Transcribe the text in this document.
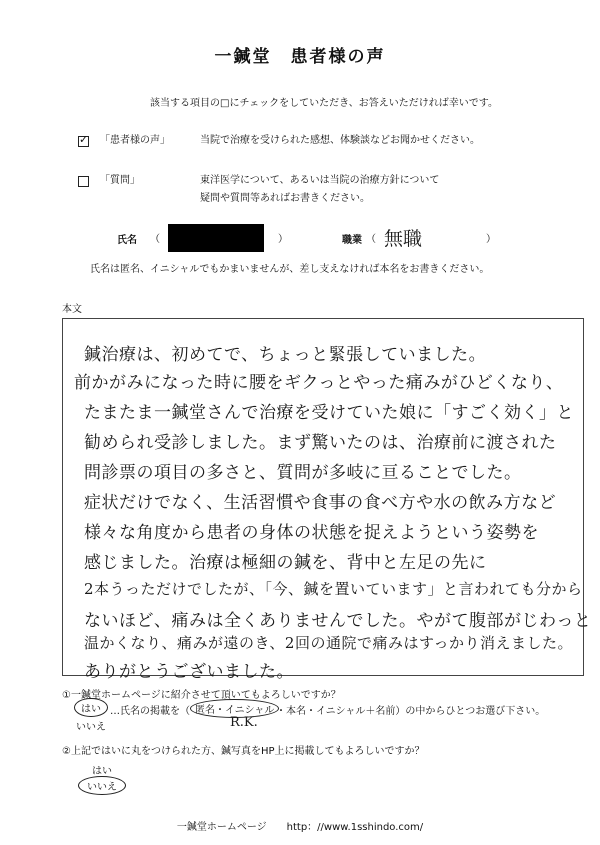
一鍼堂　患者様の声
該当する項目の□にチェックをしていただき、お答えいただければ幸いです。
✓
「患者様の声」	当院で治療を受けられた感想、体験談などお聞かせください。
「質問」	東洋医学について、あるいは当院の治療方針について
疑問や質問等あればお書きください。
氏名 （	）	職業 （ 無職	）
氏名は匿名、イニシャルでもかまいませんが、差し支えなければ本名をお書きください。
本文
鍼治療は、初めてで、ちょっと緊張していました。
前かがみになった時に腰をギクっとやった痛みがひどくなり、
たまたま一鍼堂さんで治療を受けていた娘に「すごく効く」と
勧められ受診しました。まず驚いたのは、治療前に渡された
問診票の項目の多さと、質問が多岐に亘ることでした。
症状だけでなく、生活習慣や食事の食べ方や水の飲み方など
様々な角度から患者の身体の状態を捉えようという姿勢を
感じました。治療は極細の鍼を、背中と左足の先に
2本うっただけでしたが、「今、鍼を置いています」と言われても分から
ないほど、痛みは全くありませんでした。やがて腹部がじわっと
温かくなり、痛みが遠のき、2回の通院で痛みはすっかり消えました。
ありがとうございました。
①一鍼堂ホームページに紹介させて頂いてもよろしいですか？
はい
いいえ
…氏名の掲載を（ 匿名・イニシャル ・本名・イニシャル＋名前）の中からひとつお選び下さい。
R.K.
②上記ではいに丸をつけられた方、鍼写真をHP上に掲載してもよろしいですか？
はい
いいえ
一鍼堂ホームページ　　http：//www.1sshindo.com/
